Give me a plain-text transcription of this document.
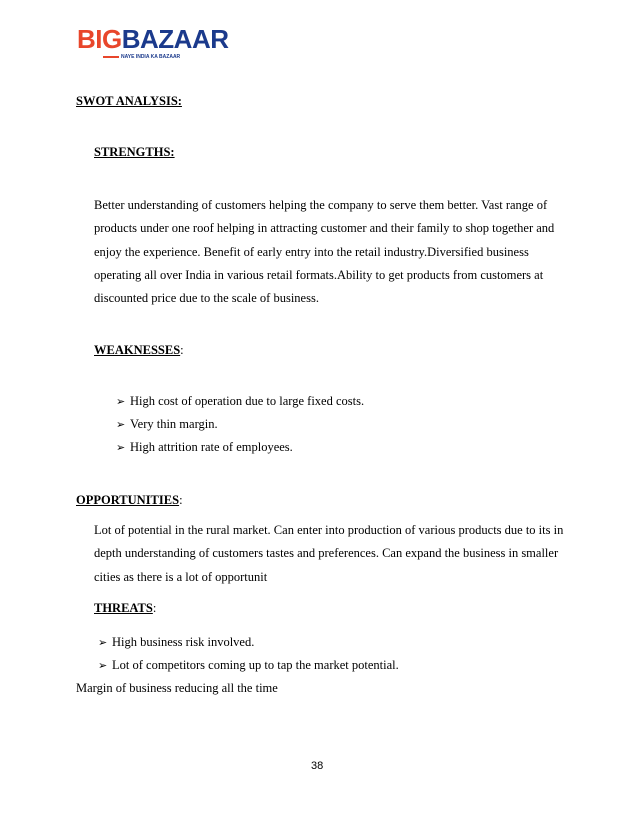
BIGBAZAAR
NAYE INDIA KA BAZAAR
SWOT ANALYSIS:
STRENGTHS:
Better understanding of customers helping the company to serve them better. Vast range of products under one roof helping in attracting customer and their family to shop together and enjoy the experience. Benefit of early entry into the retail industry.Diversified business operating all over India in various retail formats.Ability to get products from customers at discounted price due to the scale of business.
WEAKNESSES:
➢ High cost of operation due to large fixed costs.
➢ Very thin margin.
➢ High attrition rate of employees.
OPPORTUNITIES:
Lot of potential in the rural market. Can enter into production of various products due to its in depth understanding of customers tastes and preferences. Can expand the business in smaller cities as there is a lot of opportunit
THREATS:
➢ High business risk involved.
➢ Lot of competitors coming up to tap the market potential.
Margin of business reducing all the time
38
